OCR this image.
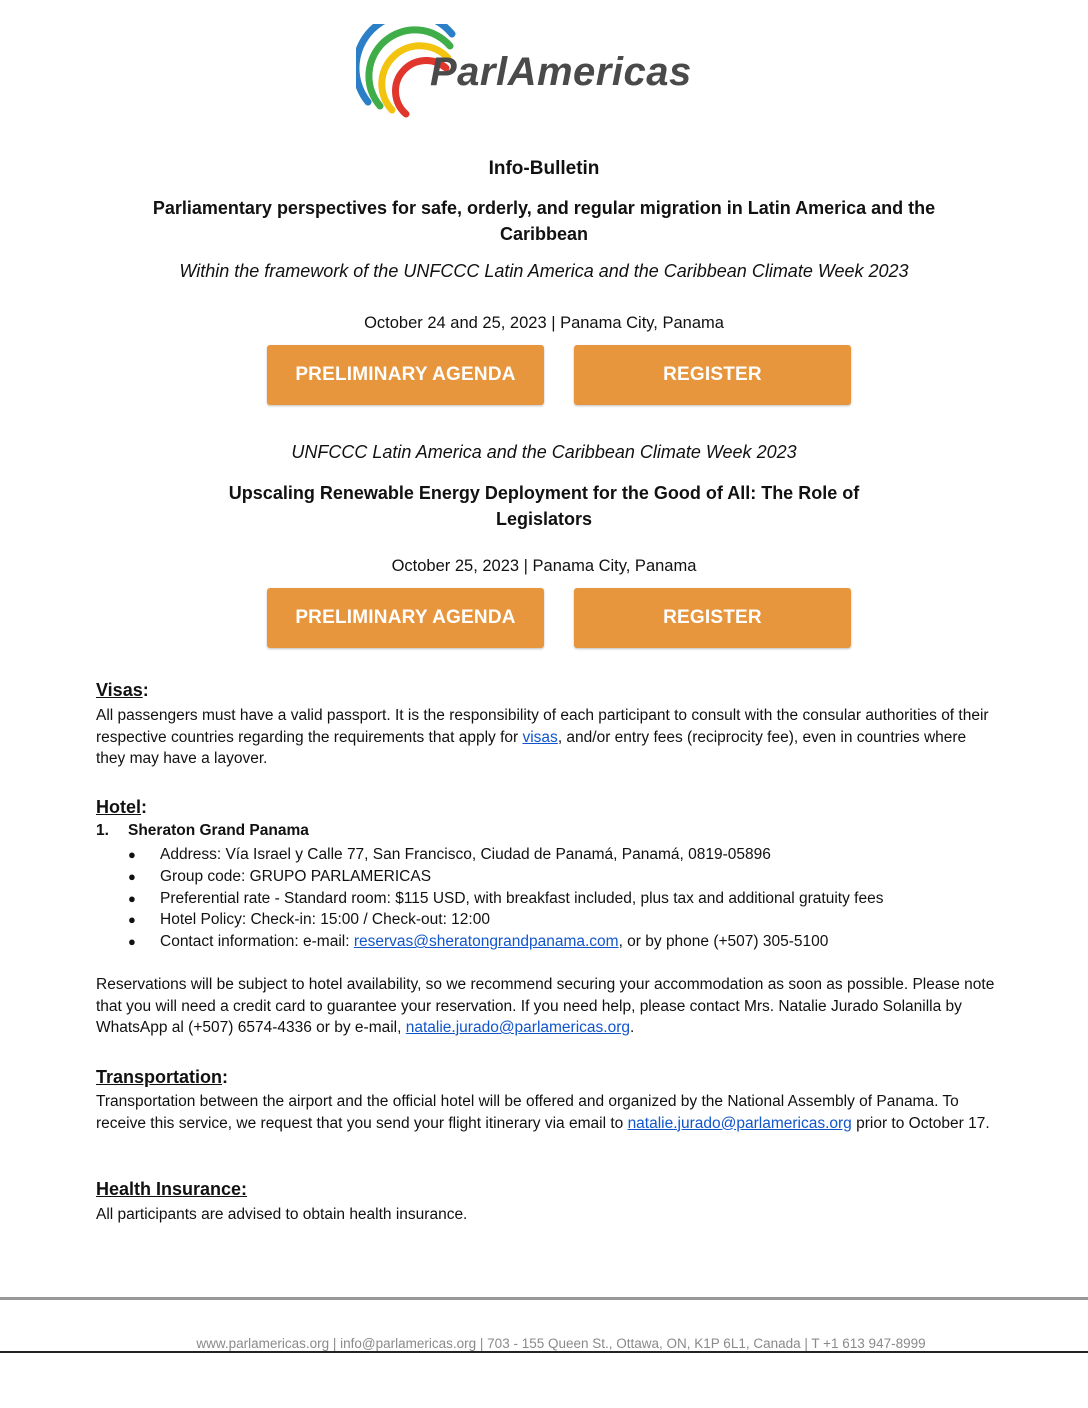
ParlAmericas
Info-Bulletin
Parliamentary perspectives for safe, orderly, and regular migration in Latin America and the Caribbean
Within the framework of the UNFCCC Latin America and the Caribbean Climate Week 2023
October 24 and 25, 2023 | Panama City, Panama
PRELIMINARY AGENDA	REGISTER
UNFCCC Latin America and the Caribbean Climate Week 2023
Upscaling Renewable Energy Deployment for the Good of All: The Role of Legislators
October 25, 2023 | Panama City, Panama
PRELIMINARY AGENDA	REGISTER
Visas:
All passengers must have a valid passport. It is the responsibility of each participant to consult with the consular authorities of their respective countries regarding the requirements that apply for visas, and/or entry fees (reciprocity fee), even in countries where they may have a layover.
Hotel:
1. Sheraton Grand Panama
● Address: Vía Israel y Calle 77, San Francisco, Ciudad de Panamá, Panamá, 0819-05896
● Group code: GRUPO PARLAMERICAS
● Preferential rate - Standard room: $115 USD, with breakfast included, plus tax and additional gratuity fees
● Hotel Policy: Check-in: 15:00 / Check-out: 12:00
● Contact information: e-mail: reservas@sheratongrandpanama.com, or by phone (+507) 305-5100
Reservations will be subject to hotel availability, so we recommend securing your accommodation as soon as possible. Please note that you will need a credit card to guarantee your reservation. If you need help, please contact Mrs. Natalie Jurado Solanilla by WhatsApp al (+507) 6574-4336 or by e-mail, natalie.jurado@parlamericas.org.
Transportation:
Transportation between the airport and the official hotel will be offered and organized by the National Assembly of Panama. To receive this service, we request that you send your flight itinerary via email to natalie.jurado@parlamericas.org prior to October 17.
Health Insurance:
All participants are advised to obtain health insurance.
www.parlamericas.org | info@parlamericas.org | 703 - 155 Queen St., Ottawa, ON, K1P 6L1, Canada | T +1 613 947-8999
